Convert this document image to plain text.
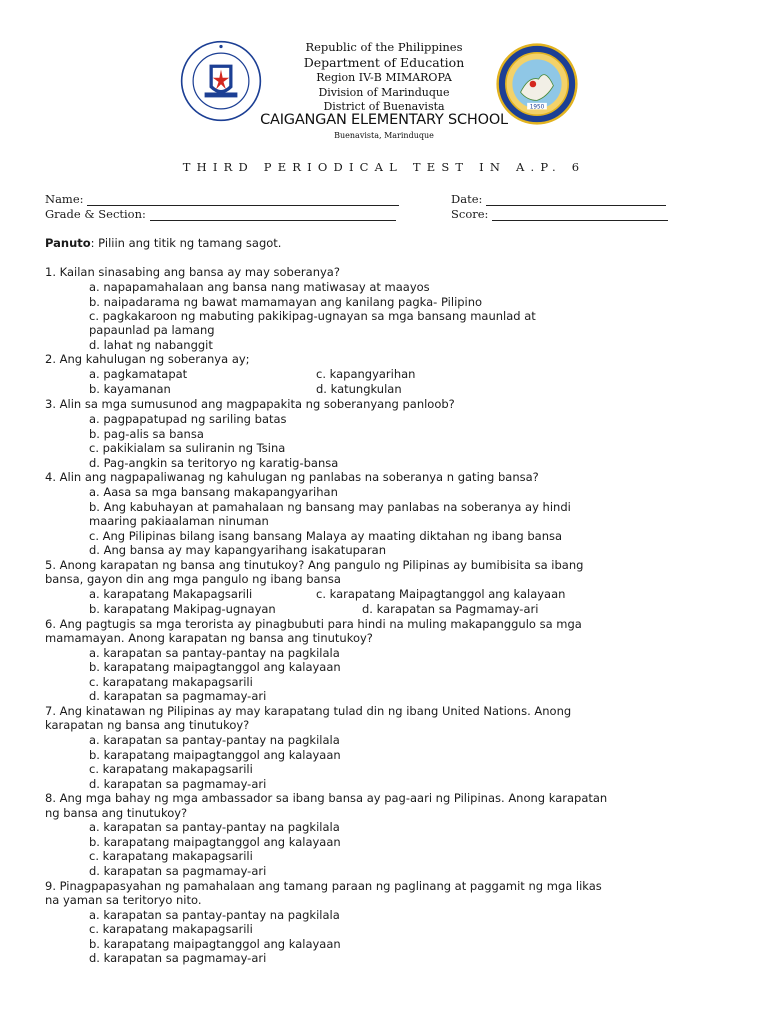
1950
Republic of the Philippines
Department of Education
Region IV-B MIMAROPA
Division of Marinduque
District of Buenavista
CAIGANGAN ELEMENTARY SCHOOL
Buenavista, Marinduque
THIRD PERIODICAL TEST IN A.P. 6
Name:
Grade & Section:
Date:
Score:
Panuto: Piliin ang titik ng tamang sagot.
1. Kailan sinasabing ang bansa ay may soberanya?
a. napapamahalaan ang bansa nang matiwasay at maayos
b. naipadarama ng bawat mamamayan ang kanilang pagka- Pilipino
c. pagkakaroon ng mabuting pakikipag-ugnayan sa mga bansang maunlad at
papaunlad pa lamang
d. lahat ng nabanggit
2. Ang kahulugan ng soberanya ay;
a. pagkamatapat	c. kapangyarihan
b. kayamanan	d. katungkulan
3. Alin sa mga sumusunod ang magpapakita ng soberanyang panloob?
a. pagpapatupad ng sariling batas
b. pag-alis sa bansa
c. pakikialam sa suliranin ng Tsina
d. Pag-angkin sa teritoryo ng karatig-bansa
4. Alin ang nagpapaliwanag ng kahulugan ng panlabas na soberanya n gating bansa?
a. Aasa sa mga bansang makapangyarihan
b. Ang kabuhayan at pamahalaan ng bansang may panlabas na soberanya ay hindi
maaring pakiaalaman ninuman
c. Ang Pilipinas bilang isang bansang Malaya ay maating diktahan ng ibang bansa
d. Ang bansa ay may kapangyarihang isakatuparan
5. Anong karapatan ng bansa ang tinutukoy? Ang pangulo ng Pilipinas ay bumibisita sa ibang
bansa, gayon din ang mga pangulo ng ibang bansa
a. karapatang Makapagsarili	c. karapatang Maipagtanggol ang kalayaan
b. karapatang Makipag-ugnayan	d. karapatan sa Pagmamay-ari
6. Ang pagtugis sa mga terorista ay pinagbubuti para hindi na muling makapanggulo sa mga
mamamayan. Anong karapatan ng bansa ang tinutukoy?
a. karapatan sa pantay-pantay na pagkilala
b. karapatang maipagtanggol ang kalayaan
c. karapatang makapagsarili
d. karapatan sa pagmamay-ari
7. Ang kinatawan ng Pilipinas ay may karapatang tulad din ng ibang United Nations. Anong
karapatan ng bansa ang tinutukoy?
a. karapatan sa pantay-pantay na pagkilala
b. karapatang maipagtanggol ang kalayaan
c. karapatang makapagsarili
d. karapatan sa pagmamay-ari
8. Ang mga bahay ng mga ambassador sa ibang bansa ay pag-aari ng Pilipinas. Anong karapatan
ng bansa ang tinutukoy?
a. karapatan sa pantay-pantay na pagkilala
b. karapatang maipagtanggol ang kalayaan
c. karapatang makapagsarili
d. karapatan sa pagmamay-ari
9. Pinagpapasyahan ng pamahalaan ang tamang paraan ng paglinang at paggamit ng mga likas
na yaman sa teritoryo nito.
a. karapatan sa pantay-pantay na pagkilala
c. karapatang makapagsarili
b. karapatang maipagtanggol ang kalayaan
d. karapatan sa pagmamay-ari
